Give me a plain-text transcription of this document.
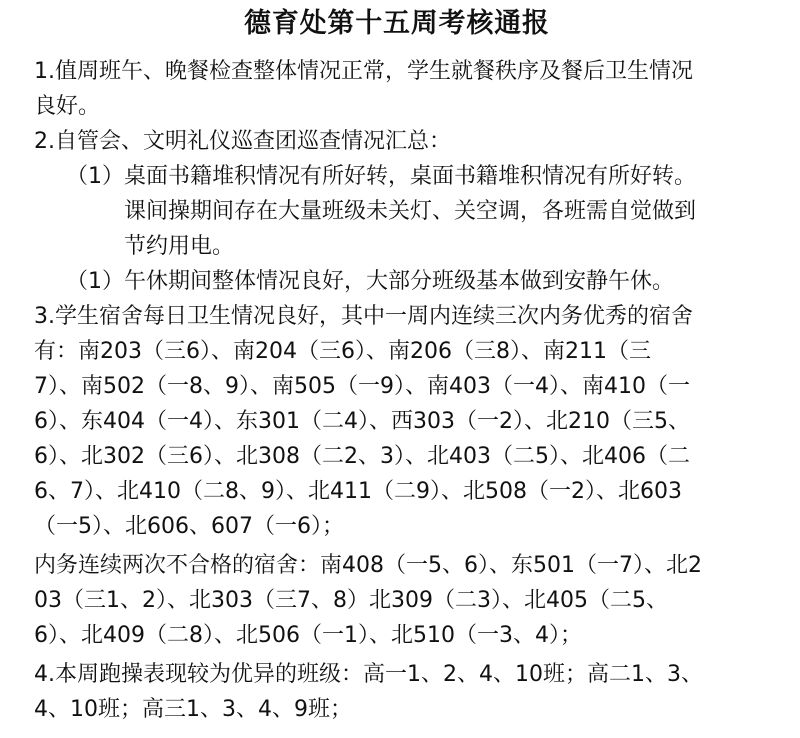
德育处第十五周考核通报
1.值周班午、晚餐检查整体情况正常，学生就餐秩序及餐后卫生情况
良好。
2.自管会、文明礼仪巡查团巡查情况汇总：
（1）桌面书籍堆积情况有所好转，桌面书籍堆积情况有所好转。
课间操期间存在大量班级未关灯、关空调，各班需自觉做到
节约用电。
（1）午休期间整体情况良好，大部分班级基本做到安静午休。
3.学生宿舍每日卫生情况良好，其中一周内连续三次内务优秀的宿舍
有：南203（三6）、南204（三6）、南206（三8）、南211（三
7）、南502（一8、9）、南505（一9）、南403（一4）、南410（一
6）、东404（一4）、东301（二4）、西303（一2）、北210（三5、
6）、北302（三6）、北308（二2、3）、北403（二5）、北406（二
6、7）、北410（二8、9）、北411（二9）、北508（一2）、北603
（一5）、北606、607（一6）；
内务连续两次不合格的宿舍：南408（一5、6）、东501（一7）、北2
03（三1、2）、北303（三7、8）北309（二3）、北405（二5、
6）、北409（二8）、北506（一1）、北510（一3、4）；
4.本周跑操表现较为优异的班级：高一1、2、4、10班；高二1、3、
4、10班；高三1、3、4、9班；
